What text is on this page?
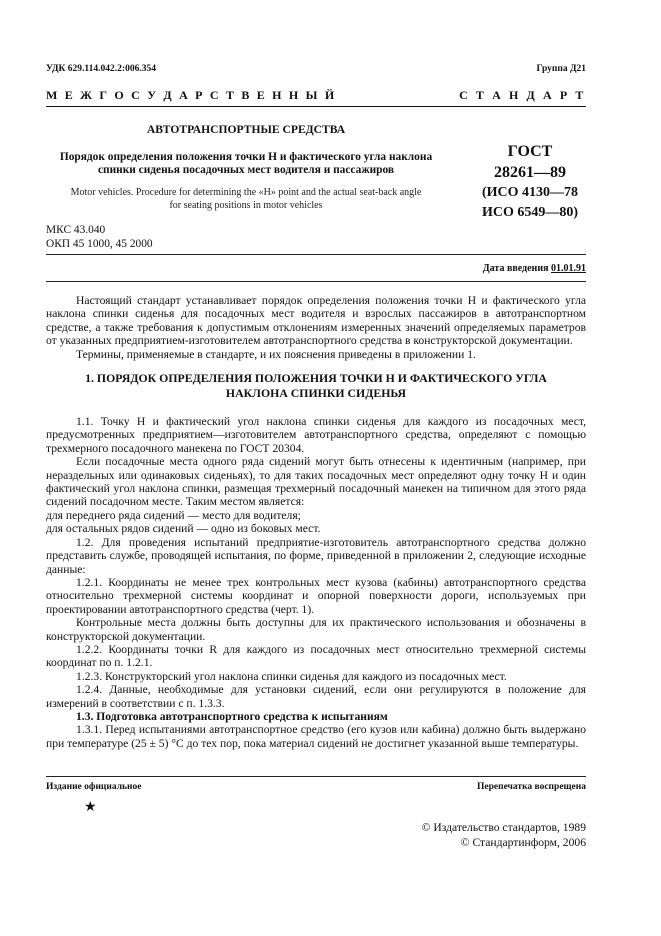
УДК 629.114.042.2:006.354	Группа Д21
М Е Ж Г О С У Д А Р С Т В Е Н Н Ы Й	С Т А Н Д А Р Т
АВТОТРАНСПОРТНЫЕ СРЕДСТВА
Порядок определения положения точки H и фактического угла наклона
спинки сиденья посадочных мест водителя и пассажиров
Motor vehicles. Procedure for determining the «H» point and the actual seat-back angle
for seating positions in motor vehicles
ГОСТ
28261—89
(ИСО 4130—78
ИСО 6549—80)
МКС 43.040
ОКП 45 1000, 45 2000
Дата введения 01.01.91

Настоящий стандарт устанавливает порядок определения положения точки H и фактического угла наклона спинки сиденья для посадочных мест водителя и взрослых пассажиров в автотранспортном средстве, а также требования к допустимым отклонениям измеренных значений определяемых параметров от указанных предприятием-изготовителем автотранспортного средства в конструкторской документации.

Термины, применяемые в стандарте, и их пояснения приведены в приложении 1.

1. ПОРЯДОК ОПРЕДЕЛЕНИЯ ПОЛОЖЕНИЯ ТОЧКИ H И ФАКТИЧЕСКОГО УГЛА
НАКЛОНА СПИНКИ СИДЕНЬЯ

1.1. Точку H и фактический угол наклона спинки сиденья для каждого из посадочных мест, предусмотренных предприятием—изготовителем автотранспортного средства, определяют с помощью трехмерного посадочного манекена по ГОСТ 20304.

Если посадочные места одного ряда сидений могут быть отнесены к идентичным (например, при нераздельных или одинаковых сиденьях), то для таких посадочных мест определяют одну точку H и один фактический угол наклона спинки, размещая трехмерный посадочный манекен на типичном для этого ряда сидений посадочном месте. Таким местом является:

для переднего ряда сидений — место для водителя;

для остальных рядов сидений — одно из боковых мест.

1.2. Для проведения испытаний предприятие-изготовитель автотранспортного средства должно представить службе, проводящей испытания, по форме, приведенной в приложении 2, следующие исходные данные:

1.2.1. Координаты не менее трех контрольных мест кузова (кабины) автотранспортного средства относительно трехмерной системы координат и опорной поверхности дороги, используемых при проектировании автотранспортного средства (черт. 1).

Контрольные места должны быть доступны для их практического использования и обозначены в конструкторской документации.

1.2.2. Координаты точки R для каждого из посадочных мест относительно трехмерной системы координат по п. 1.2.1.

1.2.3. Конструкторский угол наклона спинки сиденья для каждого из посадочных мест.

1.2.4. Данные, необходимые для установки сидений, если они регулируются в положение для измерений в соответствии с п. 1.3.3.

1.3. Подготовка автотранспортного средства к испытаниям

1.3.1. Перед испытаниями автотранспортное средство (его кузов или кабина) должно быть выдержано при температуре (25 ± 5) °С до тех пор, пока материал сидений не достигнет указанной выше температуры.

Издание официальное	Перепечатка воспрещена
★
© Издательство стандартов, 1989
© Стандартинформ, 2006
